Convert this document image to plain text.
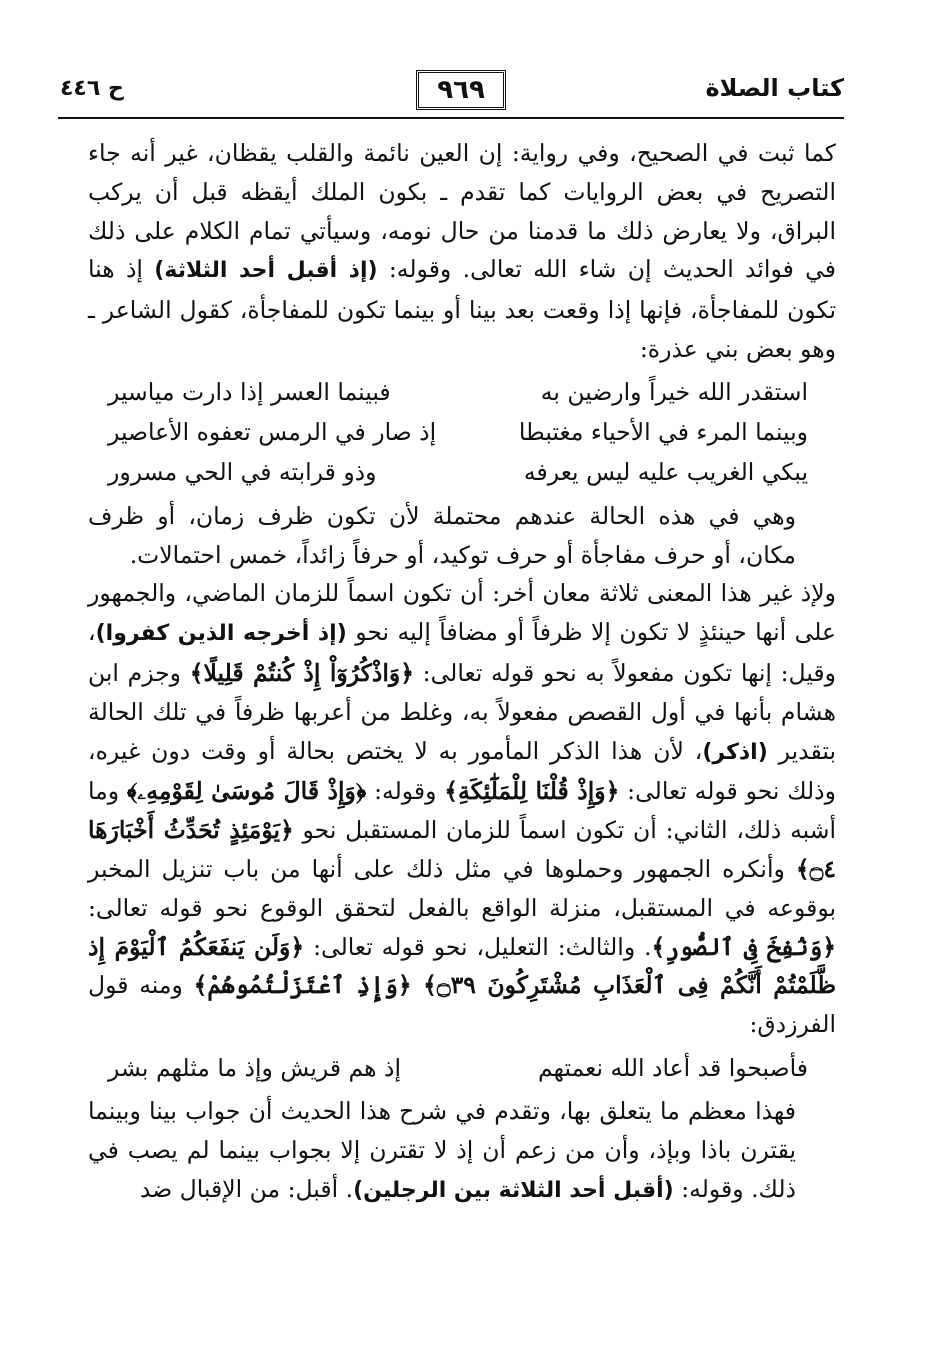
كتاب الصلاة
٩٦٩
ح ٤٤٦

كما ثبت في الصحيح، وفي رواية: إن العين نائمة والقلب يقظان، غير أنه جاء التصريح في بعض الروايات كما تقدم ـ بكون الملك أيقظه قبل أن يركب البراق، ولا يعارض ذلك ما قدمنا من حال نومه، وسيأتي تمام الكلام على ذلك في فوائد الحديث إن شاء الله تعالى. وقوله: (إذ أقبل أحد الثلاثة) إذ هنا تكون للمفاجأة، فإنها إذا وقعت بعد بينا أو بينما تكون للمفاجأة، كقول الشاعر ـ وهو بعض بني عذرة:

استقدر الله خيراً وارضين به
فبينما العسر إذا دارت مياسير
وبينما المرء في الأحياء مغتبطا
إذ صار في الرمس تعفوه الأعاصير
يبكي الغريب عليه ليس يعرفه
وذو قرابته في الحي مسرور

وهي في هذه الحالة عندهم محتملة لأن تكون ظرف زمان، أو ظرف مكان، أو حرف مفاجأة أو حرف توكيد، أو حرفاً زائداً، خمس احتمالات.

ولإذ غير هذا المعنى ثلاثة معان أخر: أن تكون اسماً للزمان الماضي، والجمهور على أنها حينئذٍ لا تكون إلا ظرفاً أو مضافاً إليه نحو (إذ أخرجه الذين كفروا)، وقيل: إنها تكون مفعولاً به نحو قوله تعالى: ﴿وَاذْكُرُوٓاْ إِذْ كُنتُمْ قَلِيلًا﴾ وجزم ابن هشام بأنها في أول القصص مفعولاً به، وغلط من أعربها ظرفاً في تلك الحالة بتقدير (اذكر)، لأن هذا الذكر المأمور به لا يختص بحالة أو وقت دون غيره، وذلك نحو قوله تعالى: ﴿وَإِذْ قُلْنَا لِلْمَلَٰٓئِكَةِ﴾ وقوله: ﴿وَإِذْ قَالَ مُوسَىٰ لِقَوْمِهِۦ﴾ وما أشبه ذلك، الثاني: أن تكون اسماً للزمان المستقبل نحو ﴿يَوْمَئِذٍ تُحَدِّثُ أَخْبَارَهَا ۝٤﴾ وأنكره الجمهور وحملوها في مثل ذلك على أنها من باب تنزيل المخبر بوقوعه في المستقبل، منزلة الواقع بالفعل لتحقق الوقوع نحو قوله تعالى: ﴿وَنُفِخَ فِى ٱلصُّورِ﴾. والثالث: التعليل، نحو قوله تعالى: ﴿وَلَن يَنفَعَكُمُ ٱلْيَوْمَ إِذ ظَّلَمْتُمْ أَنَّكُمْ فِى ٱلْعَذَابِ مُشْتَرِكُونَ ۝٣٩﴾ ﴿وَإِذِ ٱعْتَزَلْتُمُوهُمْ﴾ ومنه قول الفرزدق:

فأصبحوا قد أعاد الله نعمتهم
إذ هم قريش وإذ ما مثلهم بشر

فهذا معظم ما يتعلق بها، وتقدم في شرح هذا الحديث أن جواب بينا وبينما يقترن باذا وبإذ، وأن من زعم أن إذ لا تقترن إلا بجواب بينما لم يصب في ذلك. وقوله: (أقبل أحد الثلاثة بين الرجلين). أقبل: من الإقبال ضد
